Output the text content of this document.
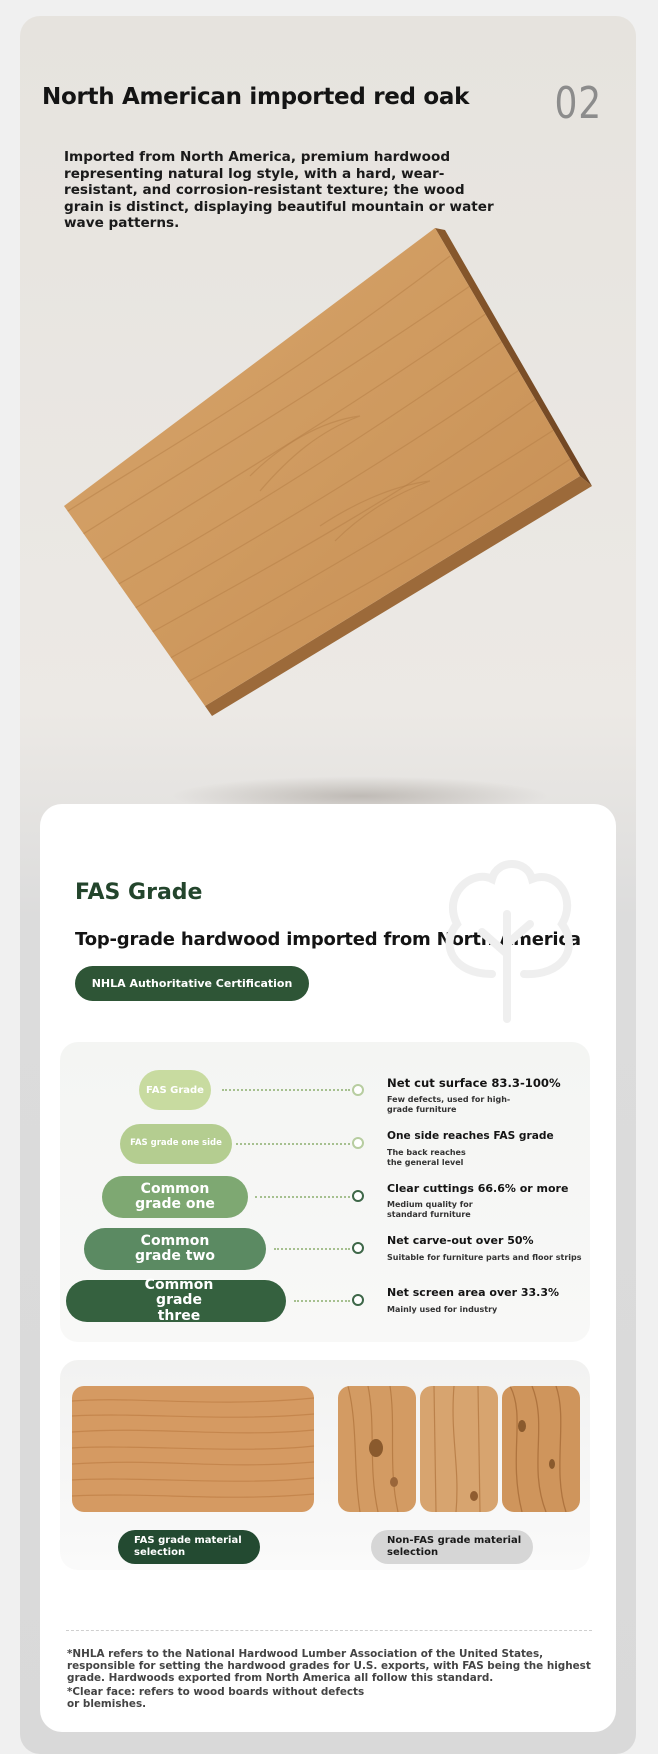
North American imported red oak 02
Imported from North America, premium hardwood representing natural log style, with a hard, wear-resistant, and corrosion-resistant texture; the wood grain is distinct, displaying beautiful mountain or water wave patterns.
FAS Grade
Top-grade hardwood imported from North America
NHLA Authoritative Certification Grade
FAS Grade	Net cut surface 83.3-100%
Few defects, used for high-grade furniture
FAS grade one side
One side reaches FAS grade
The back reaches the general level
Common grade one
Clear cuttings 66.6% or more
Medium quality for standard furniture
Common grade two
Net carve-out over 50%
Suitable for furniture parts and floor strips
Common grade three
Net screen area over 33.3%
Mainly used for industry
FAS grade material selection
Non-FAS grade material selection
*NHLA refers to the National Hardwood Lumber Association of the United States, responsible for setting the hardwood grades for U.S. exports, with FAS being the highest grade. Hardwoods exported from North America all follow this standard.
*Clear face: refers to wood boards without defects or blemishes.
